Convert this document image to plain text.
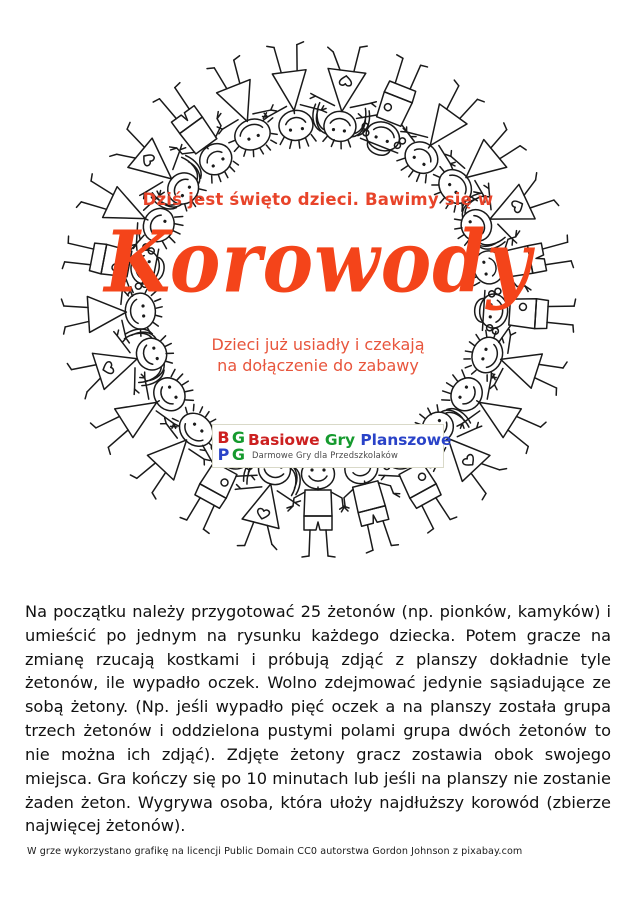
Dziś jest święto dzieci. Bawimy się w

Korowody

Dzieci już usiadły i czekają
na dołączenie do zabawy

B G
P G
Basiowe Gry Planszowe
Darmowe Gry dla Przedszkolaków

Na początku należy przygotować 25 żetonów (np. pionków, kamyków) i umieścić po jednym na rysunku każdego dziecka. Potem gracze na zmianę rzucają kostkami i próbują zdjąć z planszy dokładnie tyle żetonów, ile wypadło oczek. Wolno zdejmować jedynie sąsiadujące ze sobą żetony. (Np. jeśli wypadło pięć oczek a na planszy została grupa trzech żetonów i oddzielona pustymi polami grupa dwóch żetonów to nie można ich zdjąć). Zdjęte żetony gracz zostawia obok swojego miejsca. Gra kończy się po 10 minutach lub jeśli na planszy nie zostanie żaden żeton. Wygrywa osoba, która ułoży najdłuższy korowód (zbierze najwięcej żetonów).

W grze wykorzystano grafikę na licencji Public Domain CC0 autorstwa Gordon Johnson z pixabay.com
